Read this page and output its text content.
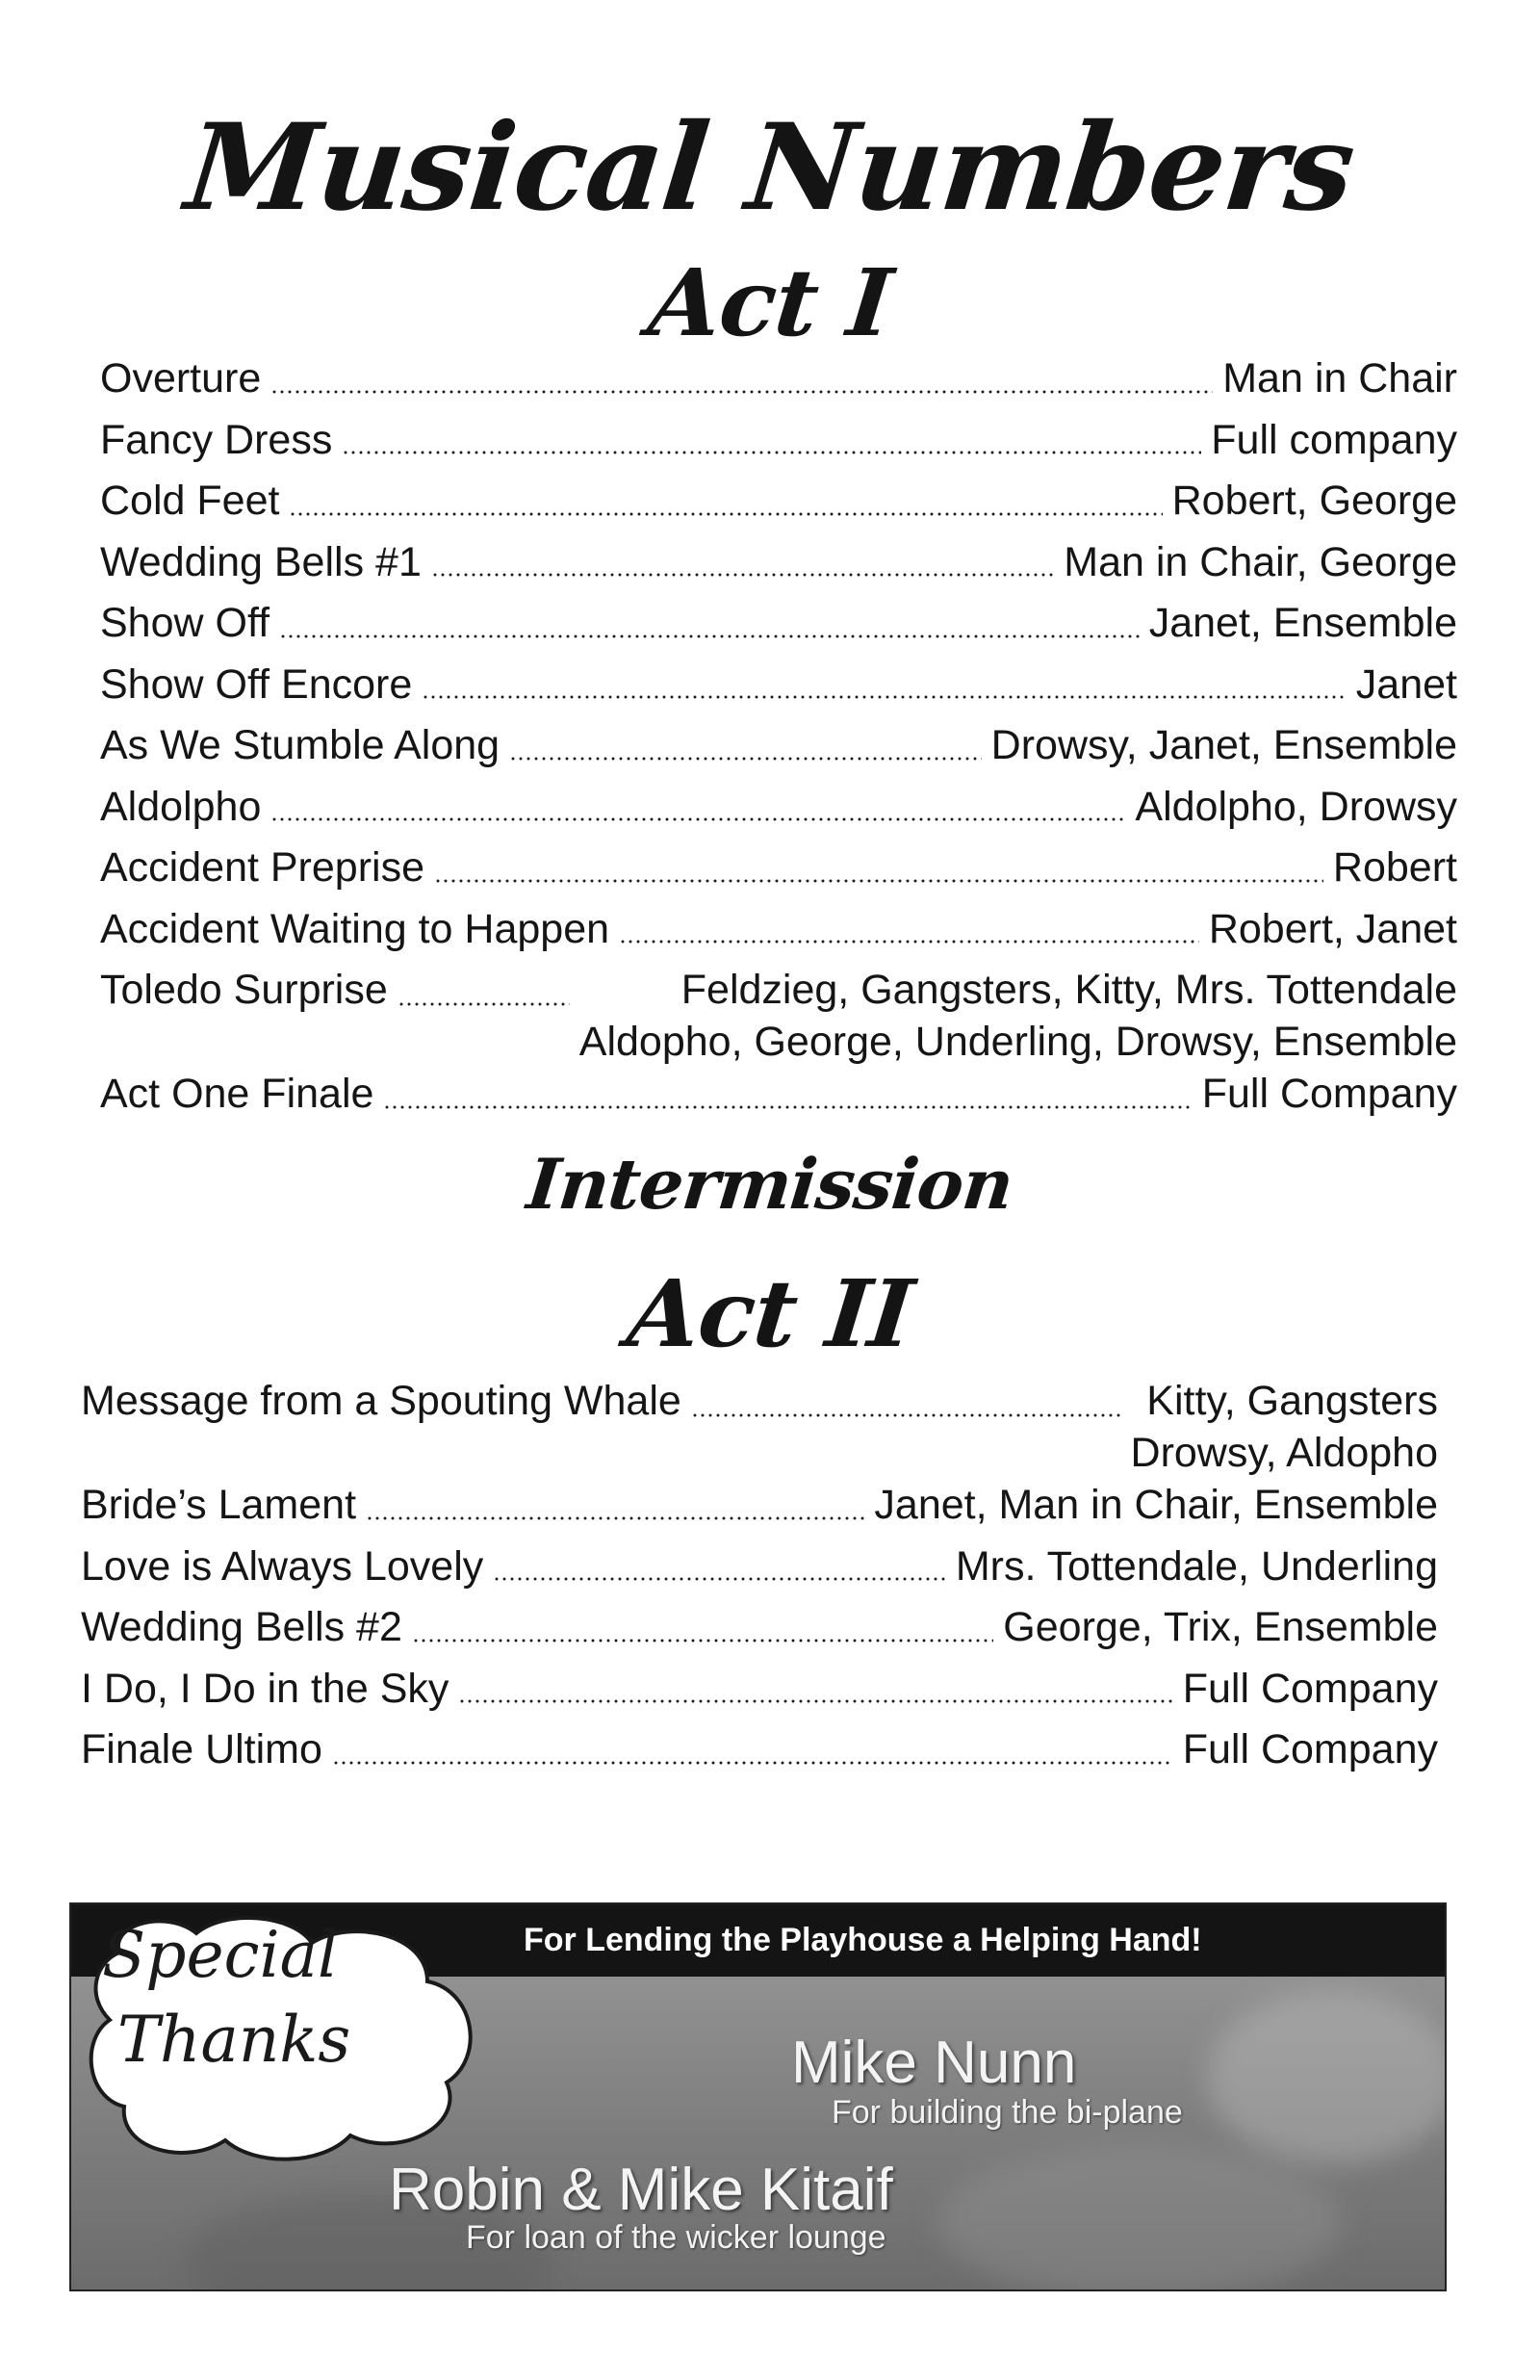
Musical Numbers
Act I
Overture	Man in Chair
Fancy Dress	Full company
Cold Feet	Robert, George
Wedding Bells #1	Man in Chair, George
Show Off	Janet, Ensemble
Show Off Encore	Janet
As We Stumble Along	Drowsy, Janet, Ensemble
Aldolpho	Aldolpho, Drowsy
Accident Preprise	Robert
Accident Waiting to Happen	Robert, Janet
Toledo Surprise	Feldzieg, Gangsters, Kitty, Mrs. Tottendale
Aldopho, George, Underling, Drowsy, Ensemble
Act One Finale	Full Company
Intermission
Act II
Message from a Spouting Whale	Kitty, Gangsters
Drowsy, Aldopho
Bride’s Lament	Janet, Man in Chair, Ensemble
Love is Always Lovely	Mrs. Tottendale, Underling
Wedding Bells #2	George, Trix, Ensemble
I Do, I Do in the Sky	Full Company
Finale Ultimo	Full Company
For Lending the Playhouse a Helping Hand!
Special
Thanks	Mike Nunn
For building the bi-plane
Robin & Mike Kitaif
For loan of the wicker lounge
